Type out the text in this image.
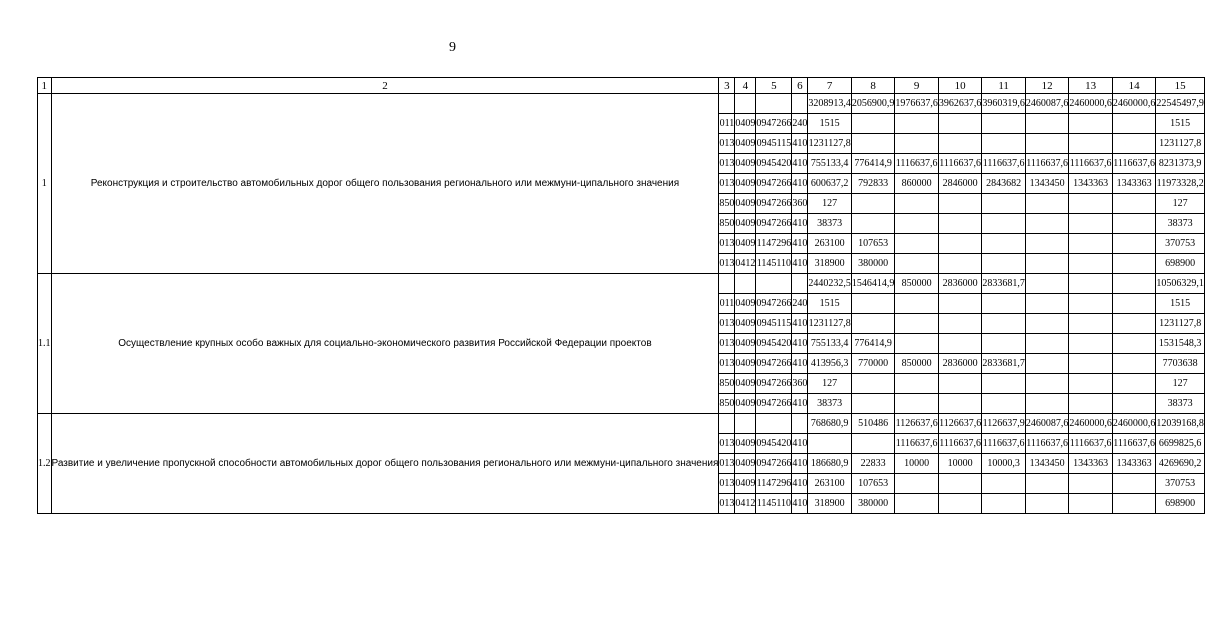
9
1	2	3	4	5	6	7	8	9	10	11	12	13	14	15
1	Реконструкция и строительство автомобильных дорог общего пользования регионального или межмуни-ципального значения					3208913,4	2056900,9	1976637,6	3962637,6	3960319,6	2460087,6	2460000,6	2460000,6	22545497,9
		011	0409	0947266	240	1515								1515
		013	0409	0945115	410	1231127,8								1231127,8
		013	0409	0945420	410	755133,4	776414,9	1116637,6	1116637,6	1116637,6	1116637,6	1116637,6	1116637,6	8231373,9
		013	0409	0947266	410	600637,2	792833	860000	2846000	2843682	1343450	1343363	1343363	11973328,2
		850	0409	0947266	360	127								127
		850	0409	0947266	410	38373								38373
		013	0409	1147296	410	263100	107653							370753
		013	0412	1145110	410	318900	380000							698900
1.1	Осуществление крупных особо важных для социально-экономического развития Российской Федерации проектов					2440232,5	1546414,9	850000	2836000	2833681,7				10506329,1
		011	0409	0947266	240	1515								1515
		013	0409	0945115	410	1231127,8								1231127,8
		013	0409	0945420	410	755133,4	776414,9							1531548,3
		013	0409	0947266	410	413956,3	770000	850000	2836000	2833681,7				7703638
		850	0409	0947266	360	127								127
		850	0409	0947266	410	38373								38373
1.2	Развитие и увеличение пропускной способности автомобильных дорог общего пользования регионального или межмуни-ципального значения					768680,9	510486	1126637,6	1126637,6	1126637,9	2460087,6	2460000,6	2460000,6	12039168,8
		013	0409	0945420	410			1116637,6	1116637,6	1116637,6	1116637,6	1116637,6	1116637,6	6699825,6
		013	0409	0947266	410	186680,9	22833	10000	10000	10000,3	1343450	1343363	1343363	4269690,2
		013	0409	1147296	410	263100	107653							370753
		013	0412	1145110	410	318900	380000							698900
